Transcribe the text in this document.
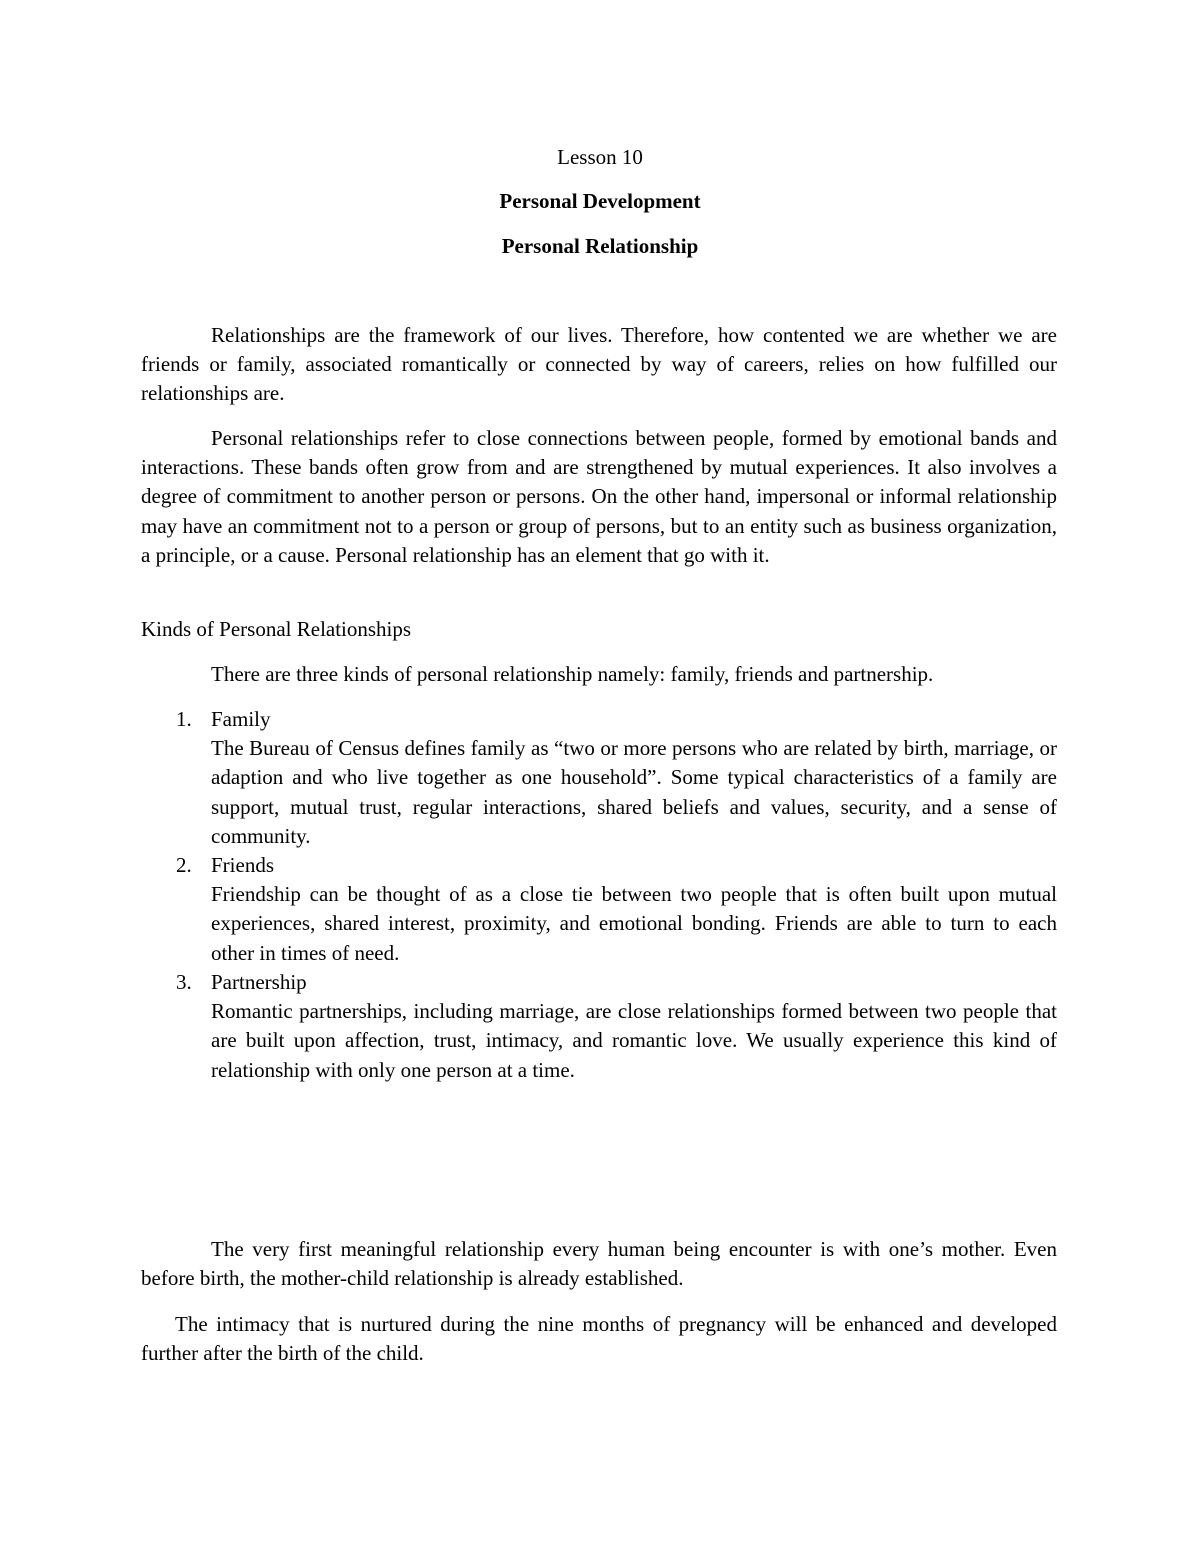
Lesson 10
Personal Development
Personal Relationship

Relationships are the framework of our lives. Therefore, how contented we are whether we are friends or family, associated romantically or connected by way of careers, relies on how fulfilled our relationships are.

Personal relationships refer to close connections between people, formed by emotional bands and interactions. These bands often grow from and are strengthened by mutual experiences. It also involves a degree of commitment to another person or persons. On the other hand, impersonal or informal relationship may have an commitment not to a person or group of persons, but to an entity such as business organization, a principle, or a cause. Personal relationship has an element that go with it.

Kinds of Personal Relationships
There are three kinds of personal relationship namely: family, friends and partnership.
1. Family
The Bureau of Census defines family as “two or more persons who are related by birth, marriage, or adaption and who live together as one household”. Some typical characteristics of a family are support, mutual trust, regular interactions, shared beliefs and values, security, and a sense of community.
2. Friends
Friendship can be thought of as a close tie between two people that is often built upon mutual experiences, shared interest, proximity, and emotional bonding. Friends are able to turn to each other in times of need.
3. Partnership
Romantic partnerships, including marriage, are close relationships formed between two people that are built upon affection, trust, intimacy, and romantic love. We usually experience this kind of relationship with only one person at a time.

The very first meaningful relationship every human being encounter is with one’s mother. Even before birth, the mother-child relationship is already established.

The intimacy that is nurtured during the nine months of pregnancy will be enhanced and developed further after the birth of the child.
